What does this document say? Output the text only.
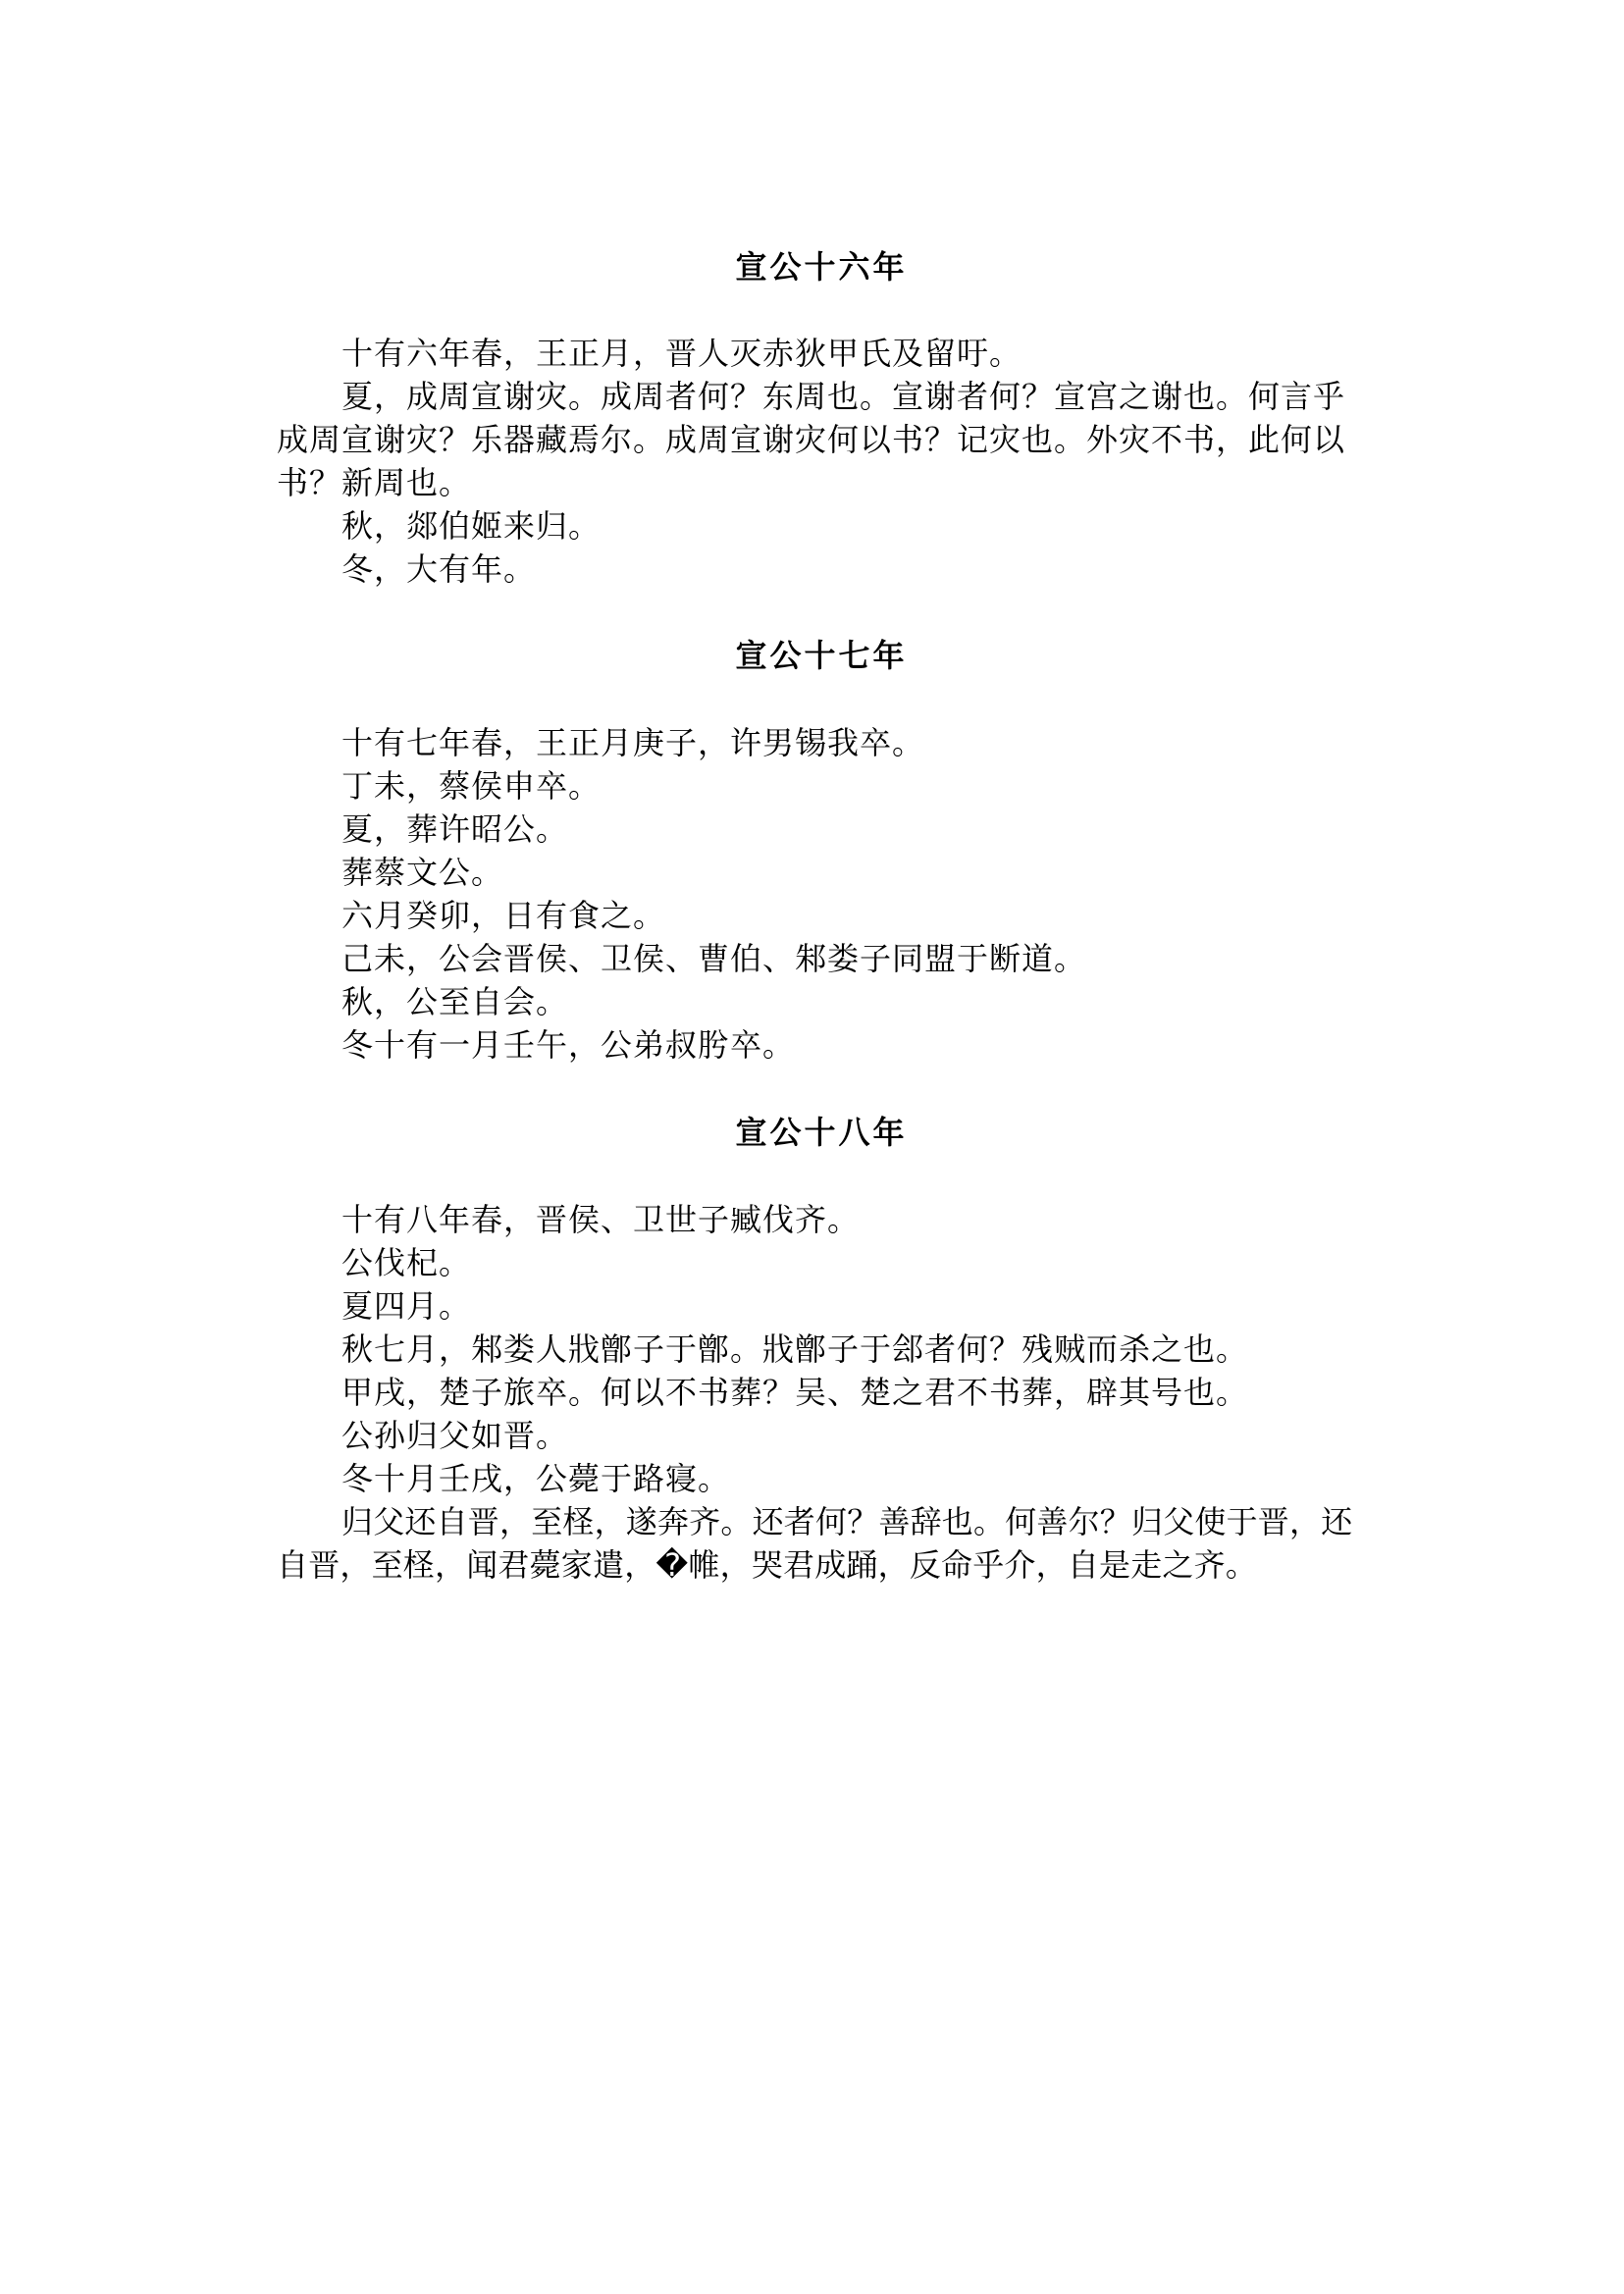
宣公十六年

十有六年春，王正月，晋人灭赤狄甲氏及留吁。

夏，成周宣谢灾。成周者何？东周也。宣谢者何？宣宫之谢也。何言乎成周宣谢灾？乐器藏焉尔。成周宣谢灾何以书？记灾也。外灾不书，此何以书？新周也。

秋，郯伯姬来归。

冬，大有年。

宣公十七年

十有七年春，王正月庚子，许男锡我卒。

丁未，蔡侯申卒。

夏，葬许昭公。

葬蔡文公。

六月癸卯，日有食之。

己未，公会晋侯、卫侯、曹伯、邾娄子同盟于断道。

秋，公至自会。

冬十有一月壬午，公弟叔肹卒。

宣公十八年

十有八年春，晋侯、卫世子臧伐齐。

公伐杞。

夏四月。

秋七月，邾娄人戕鄫子于鄫。戕鄫子于郐者何？残贼而杀之也。

甲戌，楚子旅卒。何以不书葬？吴、楚之君不书葬，辟其号也。

公孙归父如晋。

冬十月壬戌，公薨于路寝。

归父还自晋，至柽，遂奔齐。还者何？善辞也。何善尔？归父使于晋，还自晋，至柽，闻君薨家遣，�帷，哭君成踊，反命乎介，自是走之齐。
